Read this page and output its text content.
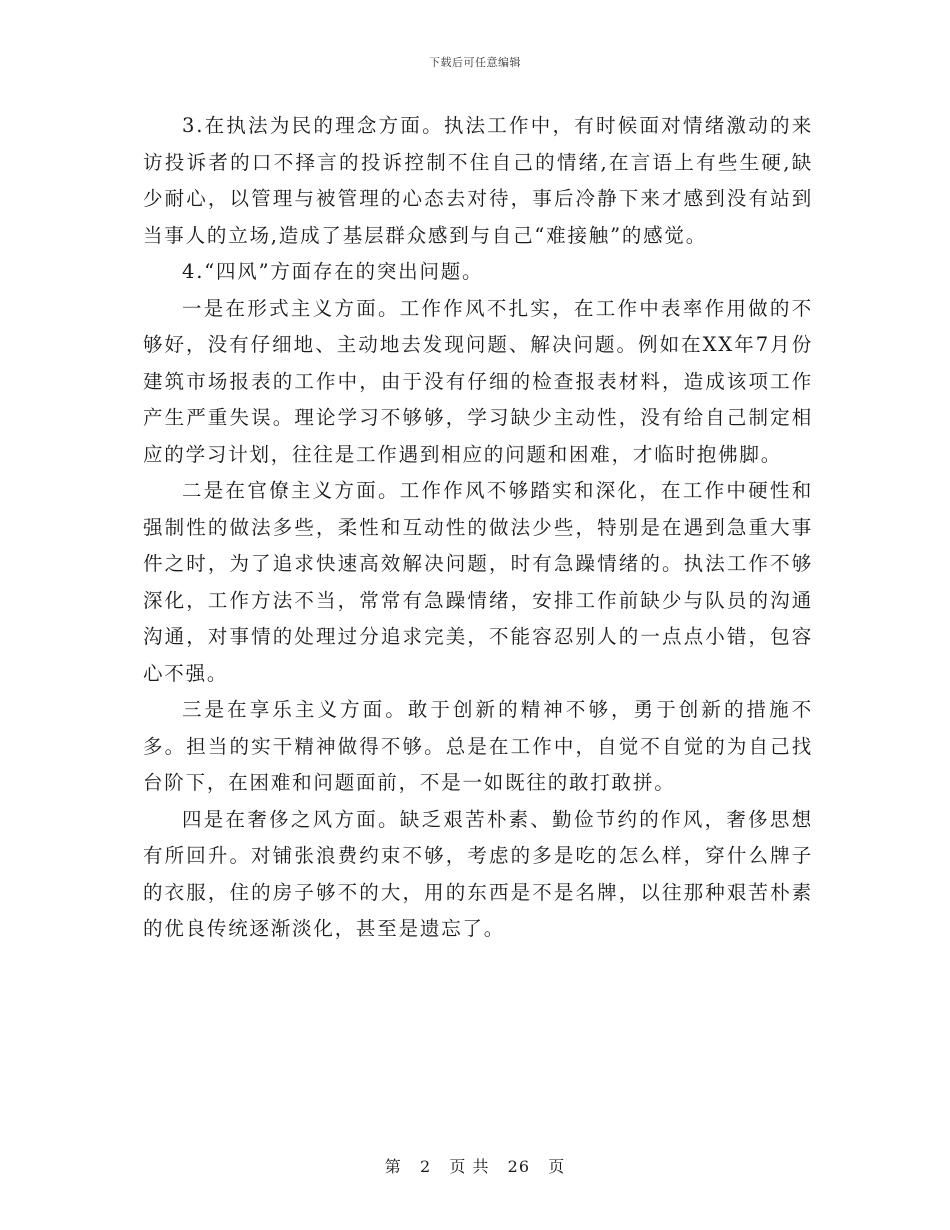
下载后可任意编辑

3.在执法为民的理念方面。执法工作中，有时候面对情绪激动的来访投诉者的口不择言的投诉控制不住自己的情绪,在言语上有些生硬,缺少耐心，以管理与被管理的心态去对待，事后冷静下来才感到没有站到当事人的立场,造成了基层群众感到与自己“难接触”的感觉。

4.“四风”方面存在的突出问题。

一是在形式主义方面。工作作风不扎实，在工作中表率作用做的不够好，没有仔细地、主动地去发现问题、解决问题。例如在XX年7月份建筑市场报表的工作中，由于没有仔细的检查报表材料，造成该项工作产生严重失误。理论学习不够够，学习缺少主动性，没有给自己制定相应的学习计划，往往是工作遇到相应的问题和困难，才临时抱佛脚。

二是在官僚主义方面。工作作风不够踏实和深化，在工作中硬性和强制性的做法多些，柔性和互动性的做法少些，特别是在遇到急重大事件之时，为了追求快速高效解决问题，时有急躁情绪的。执法工作不够深化，工作方法不当，常常有急躁情绪，安排工作前缺少与队员的沟通沟通，对事情的处理过分追求完美，不能容忍别人的一点点小错，包容心不强。

三是在享乐主义方面。敢于创新的精神不够，勇于创新的措施不多。担当的实干精神做得不够。总是在工作中，自觉不自觉的为自己找台阶下，在困难和问题面前，不是一如既往的敢打敢拼。

四是在奢侈之风方面。缺乏艰苦朴素、勤俭节约的作风，奢侈思想有所回升。对铺张浪费约束不够，考虑的多是吃的怎么样，穿什么牌子的衣服，住的房子够不的大，用的东西是不是名牌，以往那种艰苦朴素的优良传统逐渐淡化，甚至是遗忘了。

第 2 页 共 26 页
